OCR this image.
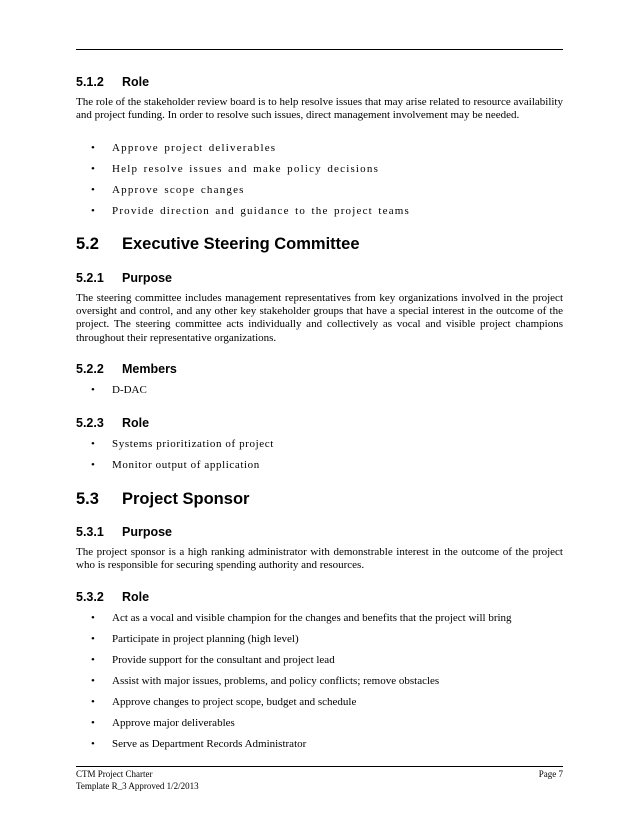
5.1.2 Role

The role of the stakeholder review board is to help resolve issues that may arise related to resource availability and project funding. In order to resolve such issues, direct management involvement may be needed.

• Approve project deliverables
• Help resolve issues and make policy decisions
• Approve scope changes
• Provide direction and guidance to the project teams
5.2 Executive Steering Committee
5.2.1 Purpose

The steering committee includes management representatives from key organizations involved in the project oversight and control, and any other key stakeholder groups that have a special interest in the outcome of the project. The steering committee acts individually and collectively as vocal and visible project champions throughout their representative organizations.

5.2.2 Members
• D-DAC
5.2.3 Role
• Systems prioritization of project
• Monitor output of application
5.3 Project Sponsor
5.3.1 Purpose

The project sponsor is a high ranking administrator with demonstrable interest in the outcome of the project who is responsible for securing spending authority and resources.

5.3.2 Role
• Act as a vocal and visible champion for the changes and benefits that the project will bring
• Participate in project planning (high level)
• Provide support for the consultant and project lead
• Assist with major issues, problems, and policy conflicts; remove obstacles
• Approve changes to project scope, budget and schedule
• Approve major deliverables
• Serve as Department Records Administrator
CTM Project Charter
Template R_3 Approved 1/2/2013
Page 7
